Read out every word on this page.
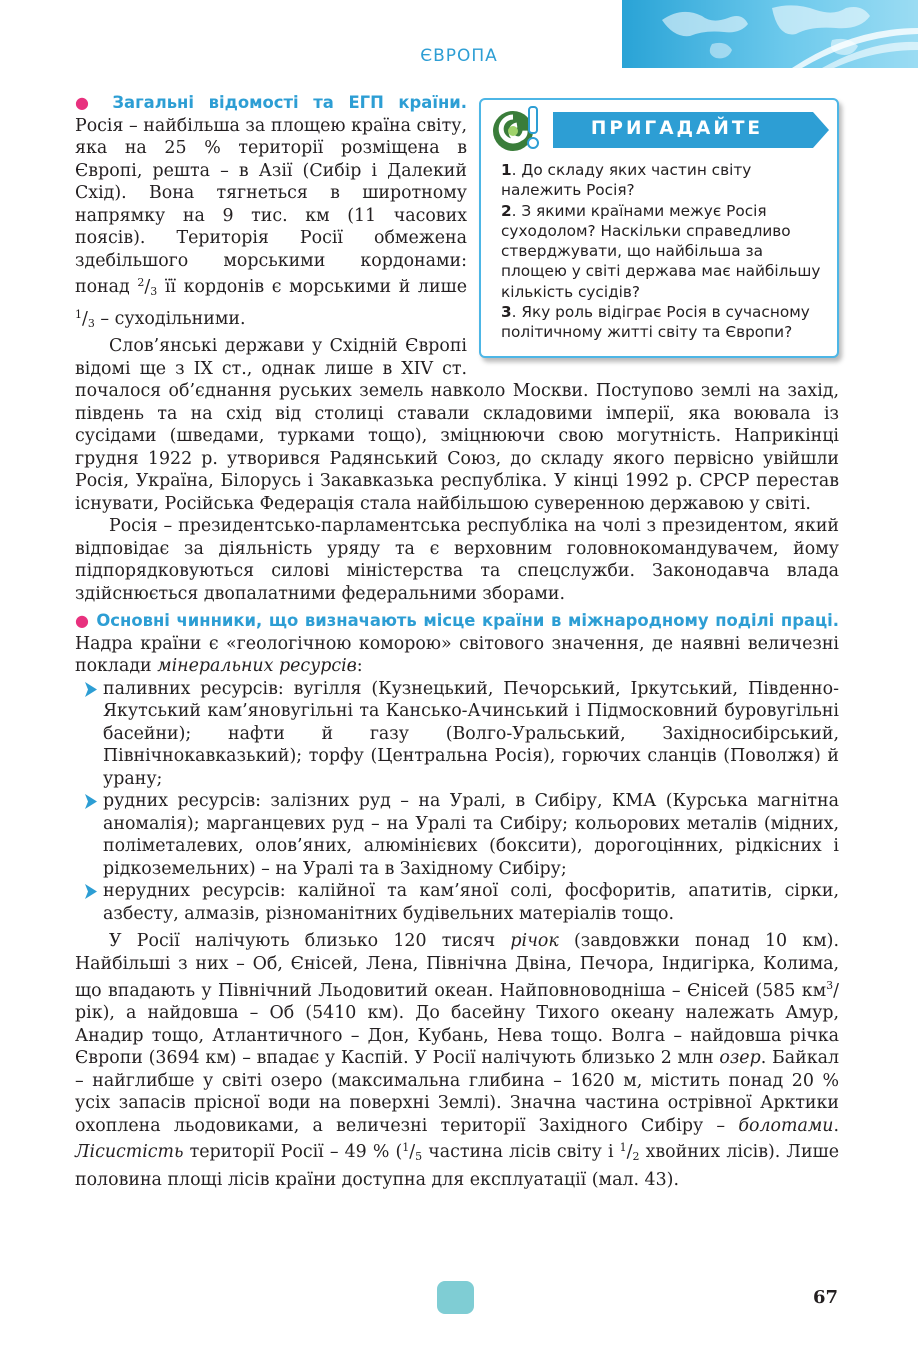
ЄВРОПА
ПРИГАДАЙТЕ
1. До складу яких частин світу належить Росія?
2. З якими країнами межує Росія суходолом? Наскільки справедливо стверджувати, що найбільша за площею у світі держава має найбільшу кількість сусідів?
3. Яку роль відіграє Росія в сучасному політичному житті світу та Європи?

● Загальні відомості та ЕГП країни. Росія – найбільша за площею країна світу, яка на 25 % території розміщена в Європі, решта – в Азії (Сибір і Далекий Схід). Вона тягнеться в широтному напрямку на 9 тис. км (11 часових поясів). Територія Росії обмежена здебільшого морськими кордонами: понад $^2/_3$ її кордонів є морськими й лише $^1/_3$ – суходільними.

Слов’янські держави у Східній Європі відомі ще з IX ст., однак лише в XIV ст. почалося об’єднання руських земель навколо Москви. Поступово землі на захід, південь та на схід від столиці ставали складовими імперії, яка воювала із сусідами (шведами, турками тощо), зміцнюючи свою могутність. Наприкінці грудня 1922 р. утворився Радянський Союз, до складу якого первісно увійшли Росія, Україна, Білорусь і Закавказька республіка. У кінці 1992 р. СРСР перестав існувати, Російська Федерація стала найбільшою суверенною державою у світі.

Росія – президентсько-парламентська республіка на чолі з президентом, який відповідає за діяльність уряду та є верховним головнокомандувачем, йому підпорядковуються силові міністерства та спецслужби. Законодавча влада здійснюється двопалатними федеральними зборами.

● Основні чинники, що визначають місце країни в міжнародному поділі праці. Надра країни є «геологічною коморою» світового значення, де наявні величезні поклади мінеральних ресурсів:

паливних ресурсів: вугілля (Кузнецький, Печорський, Іркутський, Південно-Якутський кам’яновугільні та Кансько-Ачинський і Підмосковний буровугільні басейни); нафти й газу (Волго-Уральський, Західносибірський, Північнокавказький); торфу (Центральна Росія), горючих сланців (Поволжя) й урану;
рудних ресурсів: залізних руд – на Уралі, в Сибіру, КМА (Курська магнітна аномалія); марганцевих руд – на Уралі та Сибіру; кольорових металів (мідних, поліметалевих, олов’яних, алюмінієвих (боксити), дорогоцінних, рідкісних і рідкоземельних) – на Уралі та в Західному Сибіру;
нерудних ресурсів: калійної та кам’яної солі, фосфоритів, апатитів, сірки, азбесту, алмазів, різноманітних будівельних матеріалів тощо.

У Росії налічують близько 120 тисяч річок (завдовжки понад 10 км). Найбільші з них – Об, Єнісей, Лена, Північна Двіна, Печора, Індигірка, Колима, що впадають у Північний Льодовитий океан. Найповноводніша – Єнісей (585 $км^3/рік$), а найдовша – Об (5410 км). До басейну Тихого океану належать Амур, Анадир тощо, Атлантичного – Дон, Кубань, Нева тощо. Волга – найдовша річка Європи (3694 км) – впадає у Каспій. У Росії налічують близько 2 млн озер. Байкал – найглибше у світі озеро (максимальна глибина – 1620 м, містить понад 20 % усіх запасів прісної води на поверхні Землі). Значна частина острівної Арктики охоплена льодовиками, а величезні території Західного Сибіру – болотами. Лісистість території Росії – 49 % ($^1/_5$ частина лісів світу і $^1/_2$ хвойних лісів). Лише половина площі лісів країни доступна для експлуатації (мал. 43).

67
